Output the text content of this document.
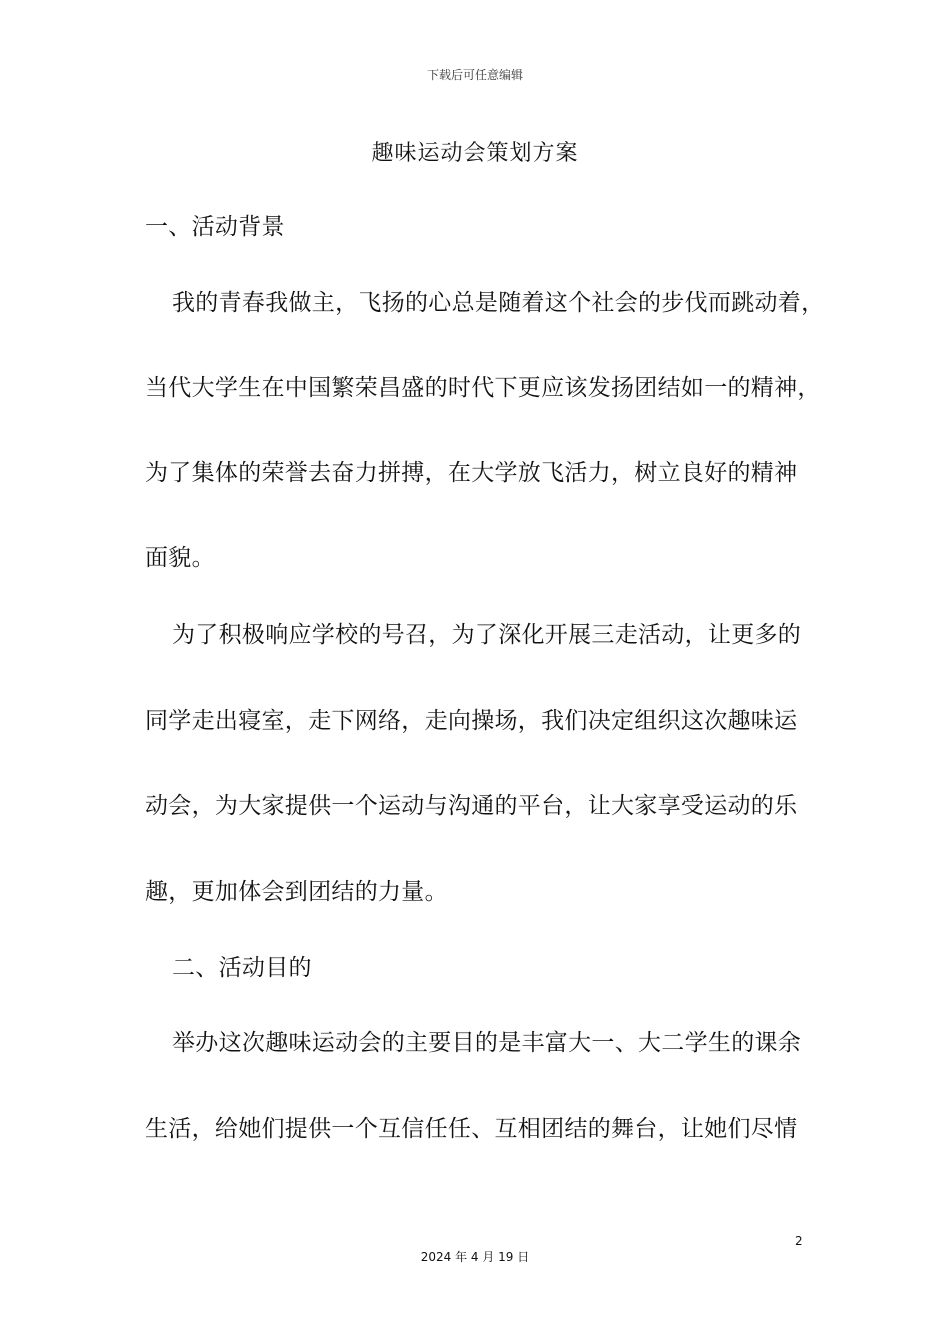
下载后可任意编辑
趣味运动会策划方案
一、活动背景
我的青春我做主，飞扬的心总是随着这个社会的步伐而跳动着，
当代大学生在中国繁荣昌盛的时代下更应该发扬团结如一的精神，
为了集体的荣誉去奋力拼搏，在大学放飞活力，树立良好的精神
面貌。
为了积极响应学校的号召，为了深化开展三走活动，让更多的
同学走出寝室，走下网络，走向操场，我们决定组织这次趣味运
动会，为大家提供一个运动与沟通的平台，让大家享受运动的乐
趣，更加体会到团结的力量。
二、活动目的
举办这次趣味运动会的主要目的是丰富大一、大二学生的课余
生活，给她们提供一个互信任任、互相团结的舞台，让她们尽情
2
2024 年 4 月 19 日
